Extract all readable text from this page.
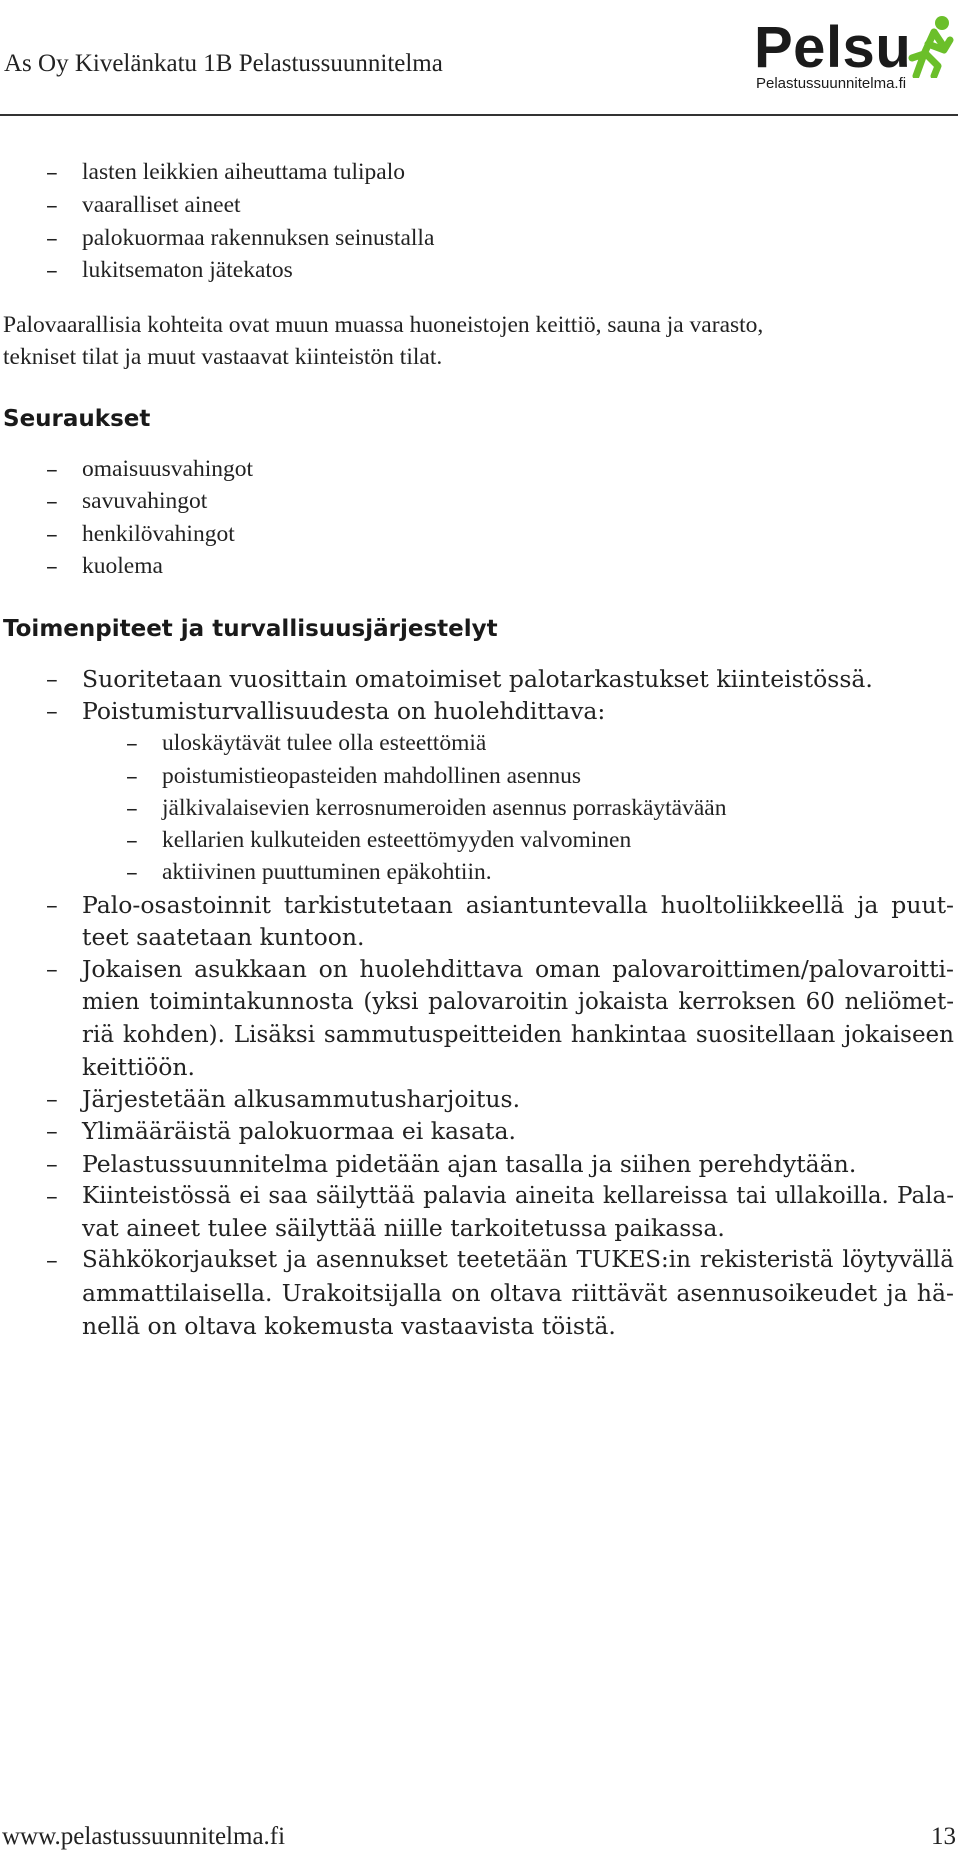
As Oy Kivelänkatu 1B Pelastussuunnitelma	Pelsu
Pelastussuunnitelma.fi
– lasten leikkien aiheuttama tulipalo
– vaaralliset aineet
– palokuormaa rakennuksen seinustalla
– lukitsematon jätekatos
Palovaarallisia kohteita ovat muun muassa huoneistojen keittiö, sauna ja varasto,
tekniset tilat ja muut vastaavat kiinteistön tilat.
Seuraukset
– omaisuusvahingot
– savuvahingot
– henkilövahingot
– kuolema
Toimenpiteet ja turvallisuusjärjestelyt
– Suoritetaan vuosittain omatoimiset palotarkastukset kiinteistössä.
– Poistumisturvallisuudesta on huolehdittava:
– uloskäytävät tulee olla esteettömiä
– poistumistieopasteiden mahdollinen asennus
– jälkivalaisevien kerrosnumeroiden asennus porraskäytävään
– kellarien kulkuteiden esteettömyyden valvominen
– aktiivinen puuttuminen epäkohtiin.
– Palo-osastoinnit tarkistutetaan asiantuntevalla huoltoliikkeellä ja puut-
teet saatetaan kuntoon.
– Jokaisen asukkaan on huolehdittava oman palovaroittimen/palovaroitti-
mien toimintakunnosta (yksi palovaroitin jokaista kerroksen 60 neliömet-
riä kohden). Lisäksi sammutuspeitteiden hankintaa suositellaan jokaiseen
keittiöön.
– Järjestetään alkusammutusharjoitus.
– Ylimääräistä palokuormaa ei kasata.
– Pelastussuunnitelma pidetään ajan tasalla ja siihen perehdytään.
– Kiinteistössä ei saa säilyttää palavia aineita kellareissa tai ullakoilla. Pala-
vat aineet tulee säilyttää niille tarkoitetussa paikassa.
– Sähkökorjaukset ja asennukset teetetään TUKES:in rekisteristä löytyvällä
ammattilaisella. Urakoitsijalla on oltava riittävät asennusoikeudet ja hä-
nellä on oltava kokemusta vastaavista töistä.
www.pelastussuunnitelma.fi	13
